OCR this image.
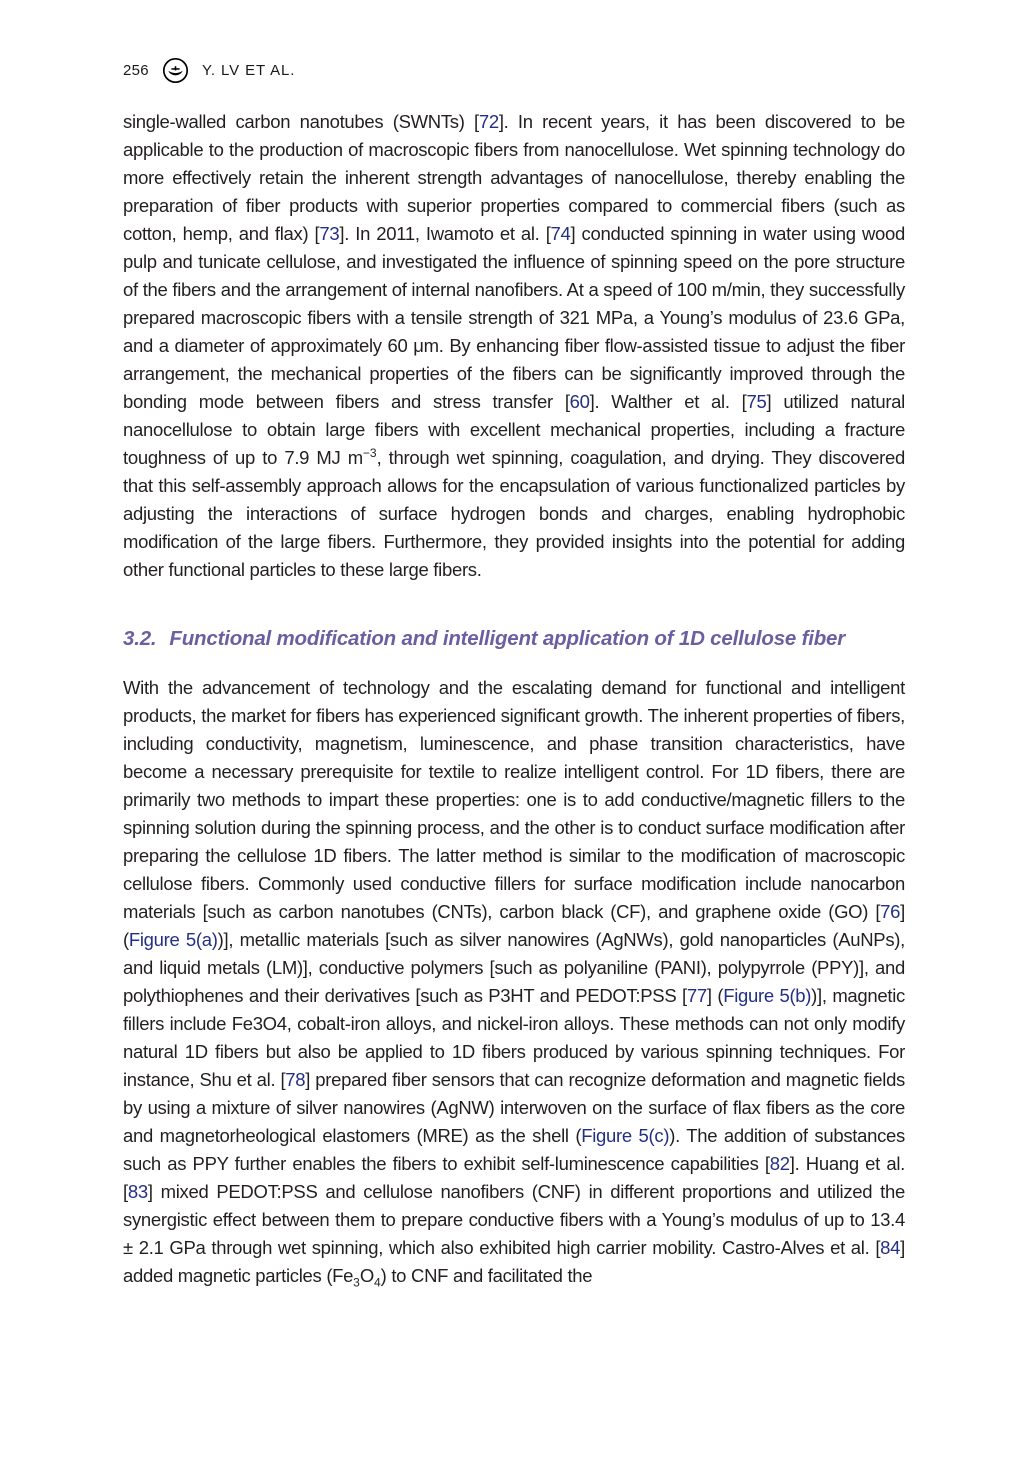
256	Y. LV ET AL.

single-walled carbon nanotubes (SWNTs) [72]. In recent years, it has been discovered to be applicable to the production of macroscopic fibers from nanocellulose. Wet spinning technology do more effectively retain the inherent strength advantages of nanocellulose, thereby enabling the preparation of fiber products with superior properties compared to commercial fibers (such as cotton, hemp, and flax) [73]. In 2011, Iwamoto et al. [74] conducted spinning in water using wood pulp and tunicate cellulose, and investigated the influence of spinning speed on the pore structure of the fibers and the arrangement of internal nanofibers. At a speed of 100 m/min, they successfully prepared macroscopic fibers with a tensile strength of 321 MPa, a Young’s modulus of 23.6 GPa, and a diameter of approximately 60 μm. By enhancing fiber flow-assisted tissue to adjust the fiber arrangement, the mechanical properties of the fibers can be significantly improved through the bonding mode between fibers and stress transfer [60]. Walther et al. [75] utilized natural nanocellulose to obtain large fibers with excellent mechanical properties, including a fracture toughness of up to 7.9 MJ $m^{-3}$, through wet spinning, coagulation, and drying. They discovered that this self-assembly approach allows for the encapsulation of various functionalized particles by adjusting the interactions of surface hydrogen bonds and charges, enabling hydrophobic modification of the large fibers. Furthermore, they provided insights into the potential for adding other functional particles to these large fibers.

3.2. Functional modification and intelligent application of 1D cellulose fiber

With the advancement of technology and the escalating demand for functional and intelligent products, the market for fibers has experienced significant growth. The inherent properties of fibers, including conductivity, magnetism, luminescence, and phase transition characteristics, have become a necessary prerequisite for textile to realize intelligent control. For 1D fibers, there are primarily two methods to impart these properties: one is to add conductive/magnetic fillers to the spinning solution during the spinning process, and the other is to conduct surface modification after preparing the cellulose 1D fibers. The latter method is similar to the modification of macroscopic cellulose fibers. Commonly used conductive fillers for surface modification include nanocarbon materials [such as carbon nanotubes (CNTs), carbon black (CF), and graphene oxide (GO) [76] (Figure 5(a))], metallic materials [such as silver nanowires (AgNWs), gold nanoparticles (AuNPs), and liquid metals (LM)], conductive polymers [such as polyaniline (PANI), polypyrrole (PPY)], and polythiophenes and their derivatives [such as P3HT and PEDOT:PSS [77] (Figure 5(b))], magnetic fillers include Fe3O4, cobalt-iron alloys, and nickel-iron alloys. These methods can not only modify natural 1D fibers but also be applied to 1D fibers produced by various spinning techniques. For instance, Shu et al. [78] prepared fiber sensors that can recognize deformation and magnetic fields by using a mixture of silver nanowires (AgNW) interwoven on the surface of flax fibers as the core and magnetorheological elastomers (MRE) as the shell (Figure 5(c)). The addition of substances such as PPY further enables the fibers to exhibit self-luminescence capabilities [82]. Huang et al. [83] mixed PEDOT:PSS and cellulose nanofibers (CNF) in different proportions and utilized the synergistic effect between them to prepare conductive fibers with a Young’s modulus of up to 13.4 ± 2.1 GPa through wet spinning, which also exhibited high carrier mobility. Castro-Alves et al. [84] added magnetic particles $(Fe_3O_4)$ to CNF and facilitated the
